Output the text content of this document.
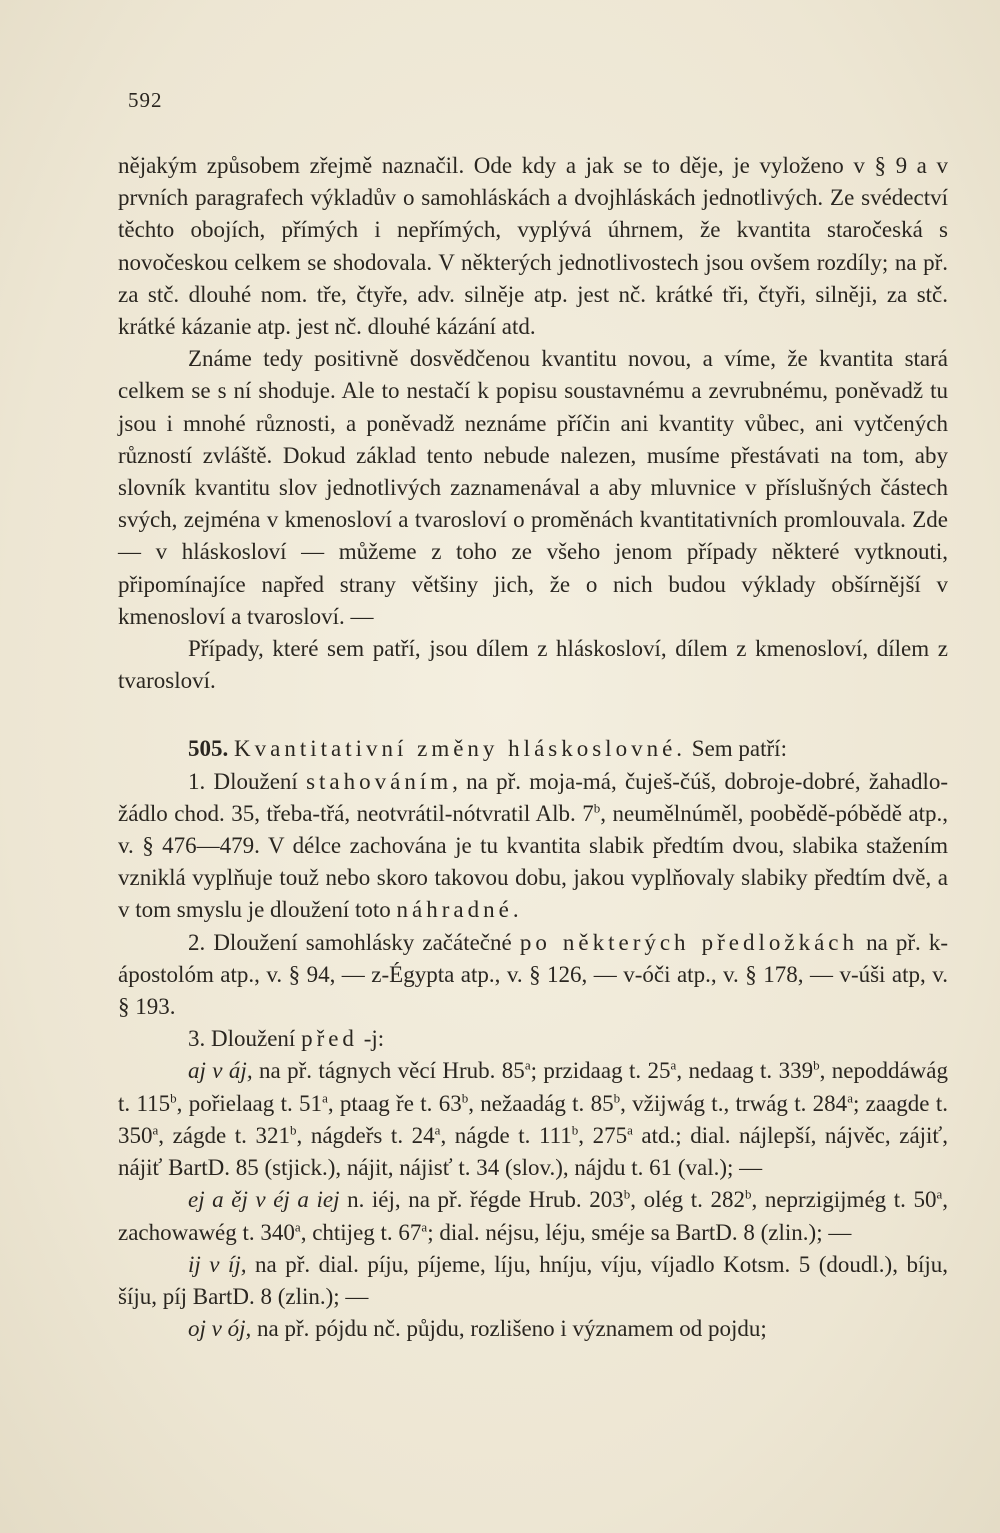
592

nějakým způsobem zřejmě naznačil. Ode kdy a jak se to děje, je vyloženo v § 9 a v prvních paragrafech výkladův o samohláskách a dvojhláskách jednotlivých. Ze svédectví těchto obojích, přímých i nepřímých, vyplývá úhrnem, že kvantita staročeská s novočeskou celkem se shodovala. V některých jednotlivostech jsou ovšem rozdíly; na př. za stč. dlouhé nom. tře, čtyře, adv. silněje atp. jest nč. krátké tři, čtyři, silněji, za stč. krátké kázanie atp. jest nč. dlouhé kázání atd.

Známe tedy positivně dosvědčenou kvantitu novou, a víme, že kvantita stará celkem se s ní shoduje. Ale to nestačí k popisu soustavnému a zevrubnému, poněvadž tu jsou i mnohé různosti, a poněvadž neznáme příčin ani kvantity vůbec, ani vytčených růzností zvláště. Dokud základ tento nebude nalezen, musíme přestávati na tom, aby slovník kvantitu slov jednotlivých zaznamenával a aby mluvnice v příslušných částech svých, zejména v kmenosloví a tvarosloví o proměnách kvantitativních promlouvala. Zde — v hláskosloví — můžeme z toho ze všeho jenom případy některé vytknouti, připomínajíce napřed strany většiny jich, že o nich budou výklady obšírnější v kmenosloví a tvarosloví. —

Případy, které sem patří, jsou dílem z hláskosloví, dílem z kmenosloví, dílem z tvarosloví.

505. Kvantitativní změny hláskoslovné. Sem patří:

1. Dloužení stahováním, na př. moja-má, čuješ-čúš, dobroje-dobré, žahadlo-žádlo chod. 35, třeba-třá, neotvrátil-nótvratil Alb. 7$^b$, neumělnúměl, poobědě-póbědě atp., v. § 476—479. V délce zachována je tu kvantita slabik předtím dvou, slabika stažením vzniklá vyplňuje touž nebo skoro takovou dobu, jakou vyplňovaly slabiky předtím dvě, a v tom smyslu je dloužení toto náhradné.

2. Dloužení samohlásky začátečné po některých předložkách na př. k-ápostolóm atp., v. § 94, — z-Égypta atp., v. § 126, — v-óči atp., v. § 178, — v-úši atp, v. § 193.

3. Dloužení před -j:

aj v áj, na př. tágnych věcí Hrub. 85$^a$; przidaag t. 25$^a$, nedaag t. 339$^b$, nepoddáwág t. 115$^b$, pořielaag t. 51$^a$, ptaag ře t. 63$^b$, nežaadág t. 85$^b$, vžijwág t., trwág t. 284$^a$; zaagde t. 350$^a$, zágde t. 321$^b$, nágdeřs t. 24$^a$, nágde t. 111$^b$, 275$^a$ atd.; dial. nájlepší, nájvěc, zájiť, nájiť BartD. 85 (stjick.), nájit, nájisť t. 34 (slov.), nájdu t. 61 (val.); —

ej a ěj v éj a iej n. iéj, na př. řégde Hrub. 203$^b$, olég t. 282$^b$, neprzigijmég t. 50$^a$, zachowawég t. 340$^a$, chtijeg t. 67$^a$; dial. néjsu, léju, sméje sa BartD. 8 (zlin.); —

ij v íj, na př. dial. píju, píjeme, líju, hníju, víju, víjadlo Kotsm. 5 (doudl.), bíju, šíju, píj BartD. 8 (zlin.); —

oj v ój, na př. pójdu nč. půjdu, rozlišeno i významem od pojdu;
